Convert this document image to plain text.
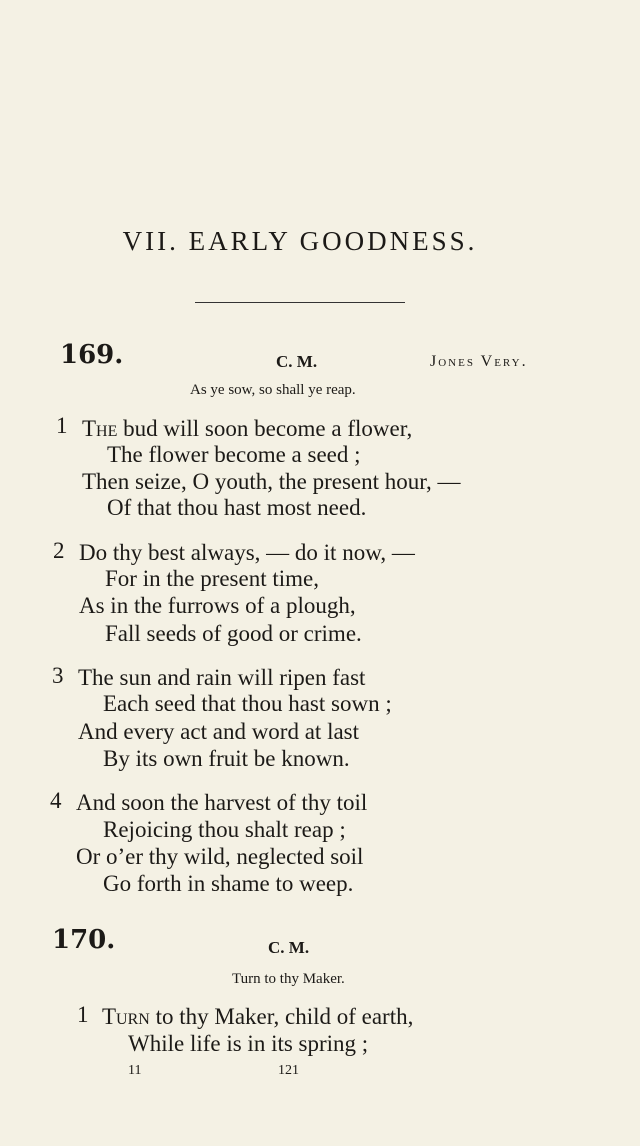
VII. EARLY GOODNESS.
169.	C. M.	Jones Very.
As ye sow, so shall ye reap.
1 The bud will soon become a flower,
The flower become a seed ;
Then seize, O youth, the present hour, —
Of that thou hast most need.
2 Do thy best always, — do it now, —
For in the present time,
As in the furrows of a plough,
Fall seeds of good or crime.
3 The sun and rain will ripen fast
Each seed that thou hast sown ;
And every act and word at last
By its own fruit be known.
4 And soon the harvest of thy toil
Rejoicing thou shalt reap ;
Or o’er thy wild, neglected soil
Go forth in shame to weep.
170.	C. M.
Turn to thy Maker.
1 Turn to thy Maker, child of earth,
While life is in its spring ;
11	121
